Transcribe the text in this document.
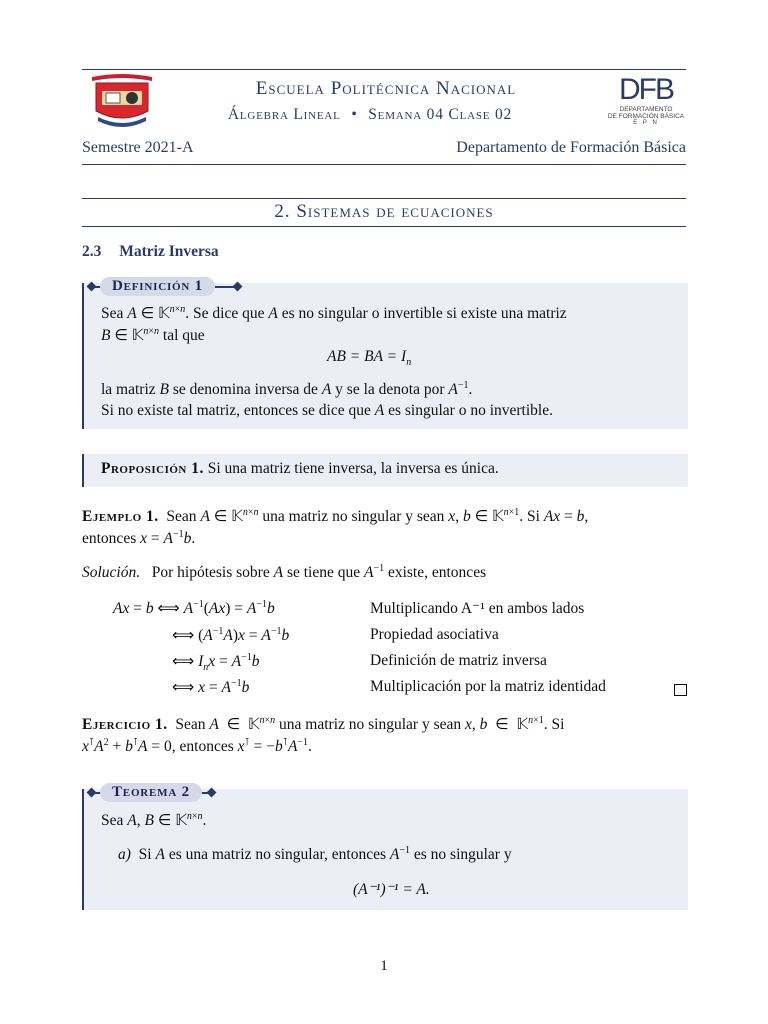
Escuela Politécnica Nacional
Álgebra Lineal • Semana 04 Clase 02
DFB
DEPARTAMENTO
DE FORMACIÓN BÁSICA
E P N
Semestre 2021-A	Departamento de Formación Básica
2. Sistemas de ecuaciones
2.3 Matriz Inversa
Definición 1
Sea A ∈ 𝕂$^{n\times n}$. Se dice que A es no singular o invertible si existe una matriz
B ∈ 𝕂$^{n\times n}$ tal que
AB = BA = $I_n$
la matriz B se denomina inversa de A y se la denota por $A^{-1}$.
Si no existe tal matriz, entonces se dice que A es singular o no invertible.
Proposición 1. Si una matriz tiene inversa, la inversa es única.
Ejemplo 1. Sean A ∈ 𝕂$^{n\times n}$ una matriz no singular y sean x, b ∈ 𝕂$^{n\times 1}$. Si Ax = b,
entonces $x = A^{-1}b$.
Solución. Por hipótesis sobre A se tiene que $A^{-1}$ existe, entonces
Ax = b ⟺ $A^{-1}(Ax) = A^{-1}b$	Multiplicando A⁻¹ en ambos lados
⟺ $(A^{-1}A)x = A^{-1}b$	Propiedad asociativa
⟺ $I_nx = A^{-1}b$	Definición de matriz inversa
⟺ $x = A^{-1}b$	Multiplicación por la matriz identidad
Ejercicio 1. Sean A  ∈  𝕂$^{n\times n}$ una matriz no singular y sean x, b  ∈  𝕂$^{n\times 1}$. Si
$x^⊺A^2 + b^⊺A = 0$, entonces $x^⊺ = -b^⊺A^{-1}$.
Teorema 2
Sea A, B ∈ 𝕂$^{n\times n}$.
a) Si A es una matriz no singular, entonces $A^{-1}$ es no singular y
(A⁻¹)⁻¹ = A.
1
